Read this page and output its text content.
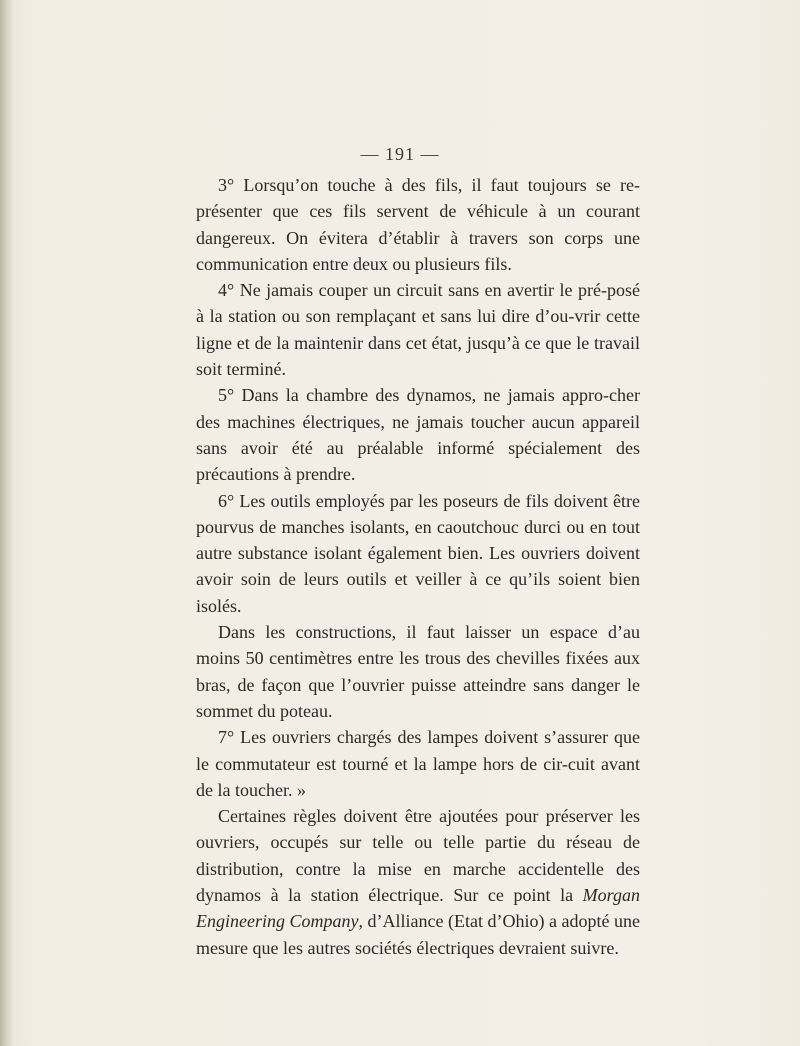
— 191 —

3° Lorsqu’on touche à des fils, il faut toujours se re-présenter que ces fils servent de véhicule à un courant dangereux. On évitera d’établir à travers son corps une communication entre deux ou plusieurs fils.

4° Ne jamais couper un circuit sans en avertir le pré-posé à la station ou son remplaçant et sans lui dire d’ou-vrir cette ligne et de la maintenir dans cet état, jusqu’à ce que le travail soit terminé.

5° Dans la chambre des dynamos, ne jamais appro-cher des machines électriques, ne jamais toucher aucun appareil sans avoir été au préalable informé spécialement des précautions à prendre.

6° Les outils employés par les poseurs de fils doivent être pourvus de manches isolants, en caoutchouc durci ou en tout autre substance isolant également bien. Les ouvriers doivent avoir soin de leurs outils et veiller à ce qu’ils soient bien isolés.

Dans les constructions, il faut laisser un espace d’au moins 50 centimètres entre les trous des chevilles fixées aux bras, de façon que l’ouvrier puisse atteindre sans danger le sommet du poteau.

7° Les ouvriers chargés des lampes doivent s’assurer que le commutateur est tourné et la lampe hors de cir-cuit avant de la toucher. »

Certaines règles doivent être ajoutées pour préserver les ouvriers, occupés sur telle ou telle partie du réseau de distribution, contre la mise en marche accidentelle des dynamos à la station électrique. Sur ce point la Morgan Engineering Company, d’Alliance (Etat d’Ohio) a adopté une mesure que les autres sociétés électriques devraient suivre.
